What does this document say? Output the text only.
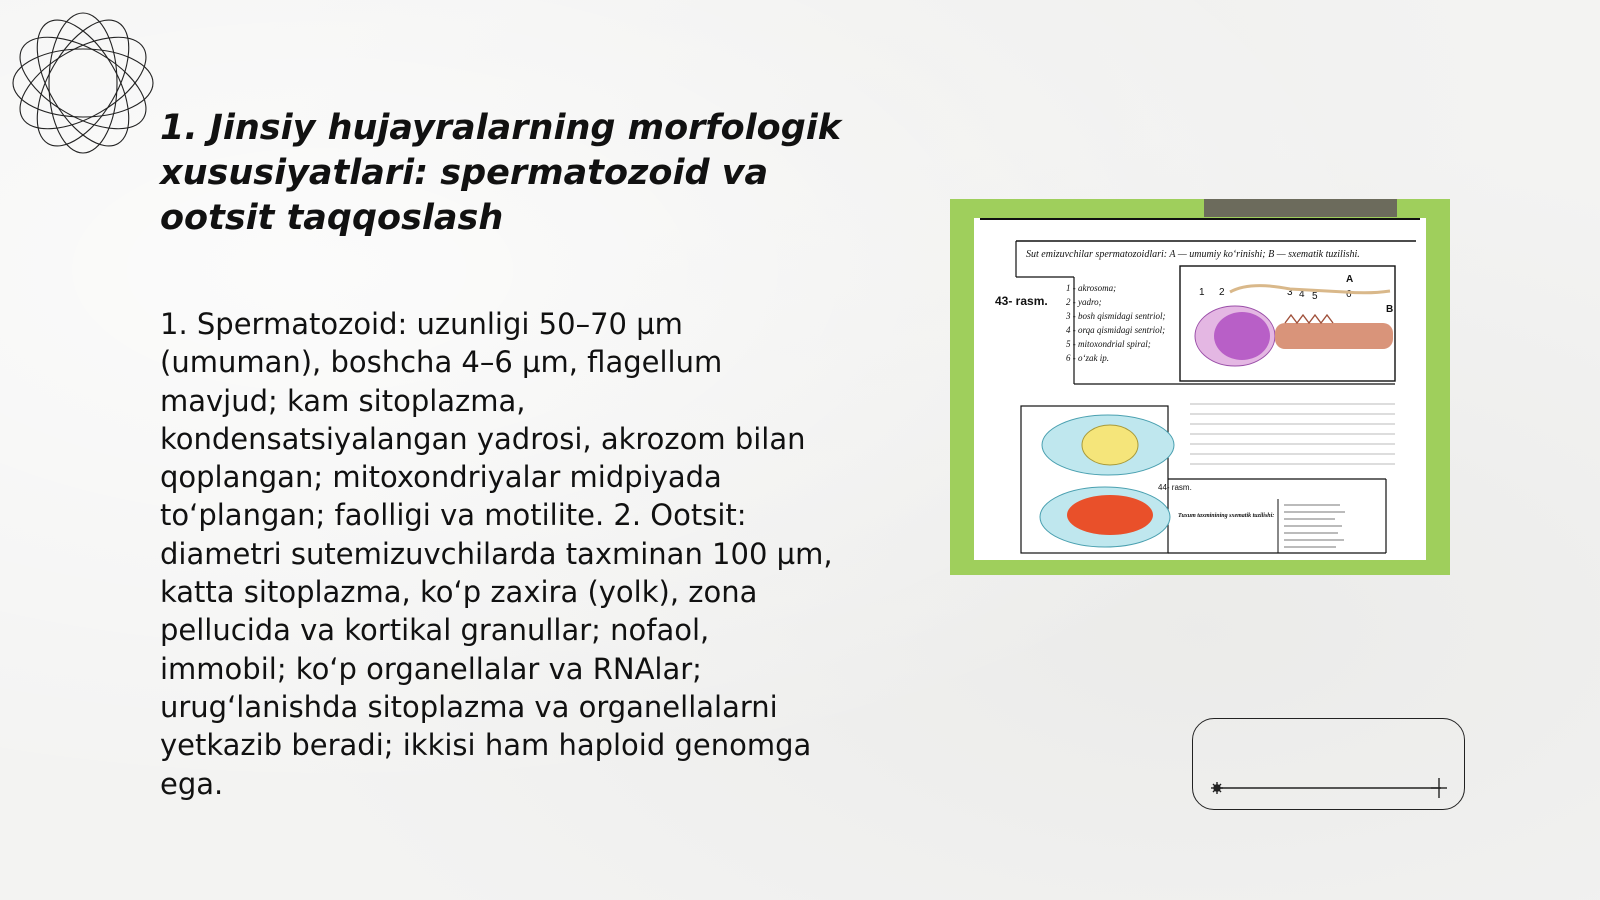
1. Jinsiy hujayralarning morfologik xususiyatlari: spermatozoid va ootsit taqqoslash

1. Spermatozoid: uzunligi 50–70 µm (umuman), boshcha 4–6 µm, flagellum mavjud; kam sitoplazma, kondensatsiyalangan yadrosi, akrozom bilan qoplangan; mitoxondriyalar midpiyada to‘plangan; faolligi va motilite. 2. Ootsit: diametri sutemizuvchilarda taxminan 100 µm, katta sitoplazma, ko‘p zaxira (yolk), zona pellucida va kortikal granullar; nofaol, immobil; ko‘p organellalar va RNAlar; urug‘lanishda sitoplazma va organellalarni yetkazib beradi; ikkisi ham haploid genomga ega.

Sut emizuvchilar spermatozoidlari: A — umumiy ko‘rinishi; B — sxematik tuzilishi.
43- rasm.
1 - akrosoma;
2 - yadro;
3 - bosh qismidagi sentriol;
4 - orqa qismidagi sentriol;
5 - mitoxondrial spiral;
6 - o‘zak ip.
1 2	3 4 5	6
A
B
44- rasm.
Tuxum taxminining sxematik tuzilishi:
